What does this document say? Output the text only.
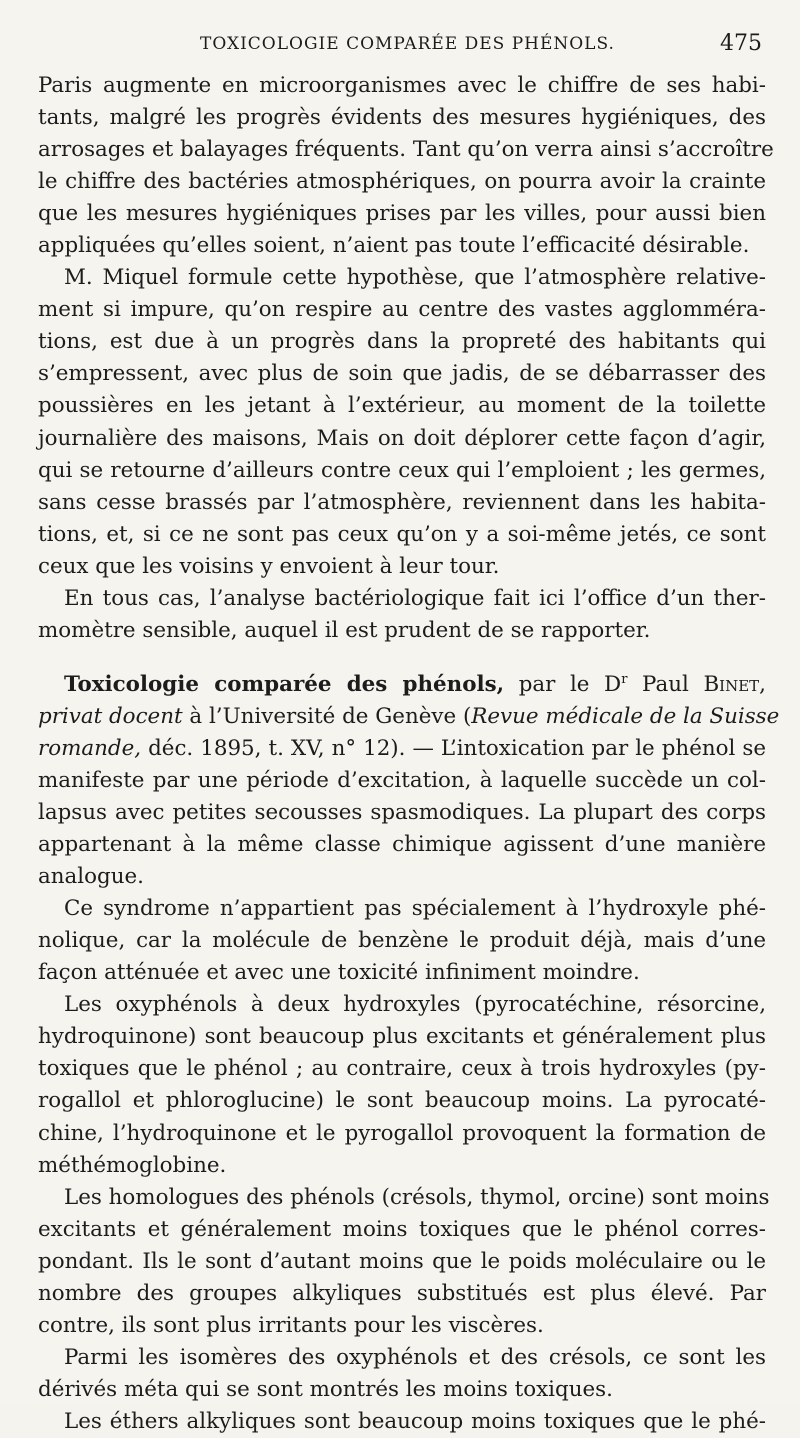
TOXICOLOGIE COMPARÉE DES PHÉNOLS.	475
Paris augmente en microorganismes avec le chiffre de ses habi-
tants, malgré les progrès évidents des mesures hygiéniques, des
arrosages et balayages fréquents. Tant qu’on verra ainsi s’accroître
le chiffre des bactéries atmosphériques, on pourra avoir la crainte
que les mesures hygiéniques prises par les villes, pour aussi bien
appliquées qu’elles soient, n’aient pas toute l’efficacité désirable.
M. Miquel formule cette hypothèse, que l’atmosphère relative-
ment si impure, qu’on respire au centre des vastes agglomméra-
tions, est due à un progrès dans la propreté des habitants qui
s’empressent, avec plus de soin que jadis, de se débarrasser des
poussières en les jetant à l’extérieur, au moment de la toilette
journalière des maisons, Mais on doit déplorer cette façon d’agir,
qui se retourne d’ailleurs contre ceux qui l’emploient ; les germes,
sans cesse brassés par l’atmosphère, reviennent dans les habita-
tions, et, si ce ne sont pas ceux qu’on y a soi-même jetés, ce sont
ceux que les voisins y envoient à leur tour.
En tous cas, l’analyse bactériologique fait ici l’office d’un ther-
momètre sensible, auquel il est prudent de se rapporter.
Toxicologie comparée des phénols, par le $D^r$ Paul Binet,
privat docent à l’Université de Genève (Revue médicale de la Suisse
romande, déc. 1895, t. XV, n° 12). — L’intoxication par le phénol se
manifeste par une période d’excitation, à laquelle succède un col-
lapsus avec petites secousses spasmodiques. La plupart des corps
appartenant à la même classe chimique agissent d’une manière
analogue.
Ce syndrome n’appartient pas spécialement à l’hydroxyle phé-
nolique, car la molécule de benzène le produit déjà, mais d’une
façon atténuée et avec une toxicité infiniment moindre.
Les oxyphénols à deux hydroxyles (pyrocatéchine, résorcine,
hydroquinone) sont beaucoup plus excitants et généralement plus
toxiques que le phénol ; au contraire, ceux à trois hydroxyles (py-
rogallol et phloroglucine) le sont beaucoup moins. La pyrocaté-
chine, l’hydroquinone et le pyrogallol provoquent la formation de
méthémoglobine.
Les homologues des phénols (crésols, thymol, orcine) sont moins
excitants et généralement moins toxiques que le phénol corres-
pondant. Ils le sont d’autant moins que le poids moléculaire ou le
nombre des groupes alkyliques substitués est plus élevé. Par
contre, ils sont plus irritants pour les viscères.
Parmi les isomères des oxyphénols et des crésols, ce sont les
dérivés méta qui se sont montrés les moins toxiques.
Les éthers alkyliques sont beaucoup moins toxiques que le phé-
